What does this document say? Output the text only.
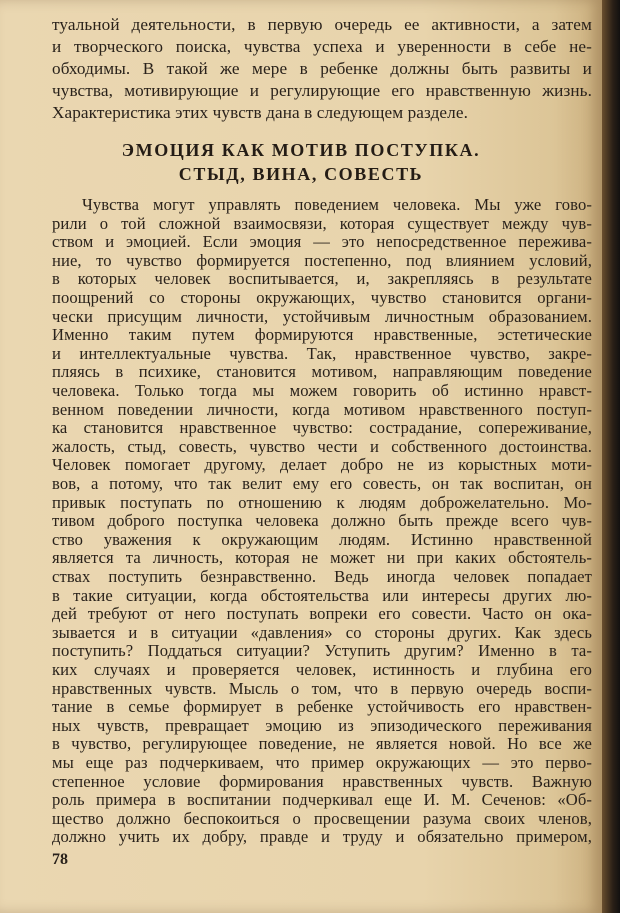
туальной деятельности, в первую очередь ее активности, а затем

и творческого поиска, чувства успеха и уверенности в себе не-

обходимы. В такой же мере в ребенке должны быть развиты и

чувства, мотивирующие и регулирующие его нравственную жизнь.

Характеристика этих чувств дана в следующем разделе.

ЭМОЦИЯ КАК МОТИВ ПОСТУПКА.
СТЫД, ВИНА, СОВЕСТЬ

Чувства могут управлять поведением человека. Мы уже гово-

рили о той сложной взаимосвязи, которая существует между чув-

ством и эмоцией. Если эмоция — это непосредственное пережива-

ние, то чувство формируется постепенно, под влиянием условий,

в которых человек воспитывается, и, закрепляясь в результате

поощрений со стороны окружающих, чувство становится органи-

чески присущим личности, устойчивым личностным образованием.

Именно таким путем формируются нравственные, эстетические

и интеллектуальные чувства. Так, нравственное чувство, закре-

пляясь в психике, становится мотивом, направляющим поведение

человека. Только тогда мы можем говорить об истинно нравст-

венном поведении личности, когда мотивом нравственного поступ-

ка становится нравственное чувство: сострадание, сопереживание,

жалость, стыд, совесть, чувство чести и собственного достоинства.

Человек помогает другому, делает добро не из корыстных моти-

вов, а потому, что так велит ему его совесть, он так воспитан, он

привык поступать по отношению к людям доброжелательно. Мо-

тивом доброго поступка человека должно быть прежде всего чув-

ство уважения к окружающим людям. Истинно нравственной

является та личность, которая не может ни при каких обстоятель-

ствах поступить безнравственно. Ведь иногда человек попадает

в такие ситуации, когда обстоятельства или интересы других лю-

дей требуют от него поступать вопреки его совести. Часто он ока-

зывается и в ситуации «давления» со стороны других. Как здесь

поступить? Поддаться ситуации? Уступить другим? Именно в та-

ких случаях и проверяется человек, истинность и глубина его

нравственных чувств. Мысль о том, что в первую очередь воспи-

тание в семье формирует в ребенке устойчивость его нравствен-

ных чувств, превращает эмоцию из эпизодического переживания

в чувство, регулирующее поведение, не является новой. Но все же

мы еще раз подчеркиваем, что пример окружающих — это перво-

степенное условие формирования нравственных чувств. Важную

роль примера в воспитании подчеркивал еще И. М. Сеченов: «Об-

щество должно беспокоиться о просвещении разума своих членов,

должно учить их добру, правде и труду и обязательно примером,

78
